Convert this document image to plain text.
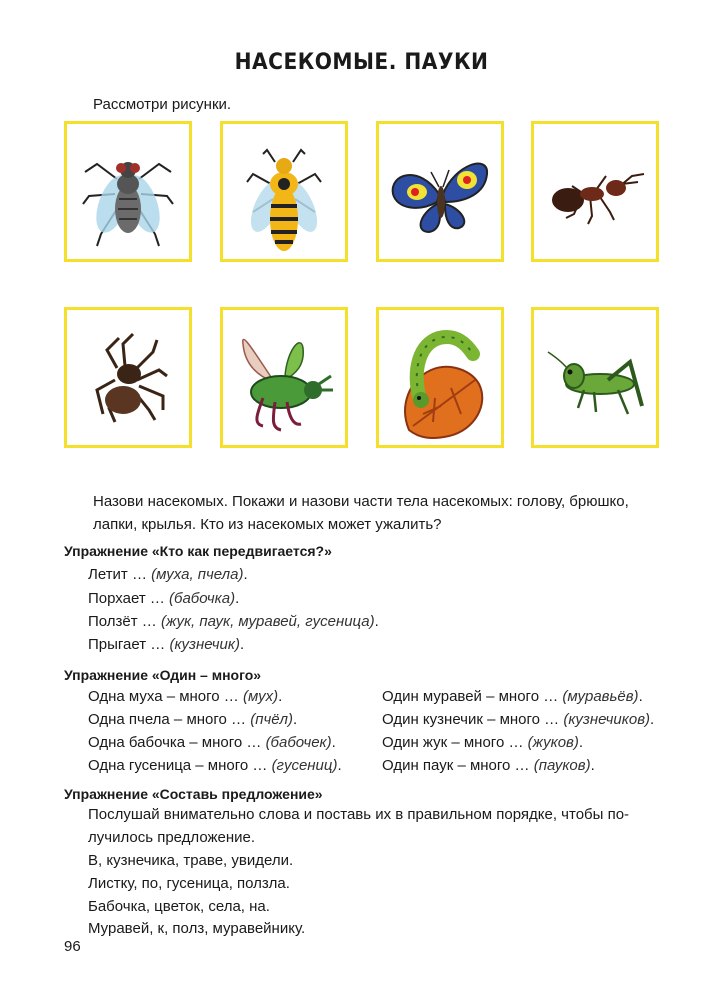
НАСЕКОМЫЕ. ПАУКИ
Рассмотри рисунки.
Назови насекомых. Покажи и назови части тела насекомых: голову, брюшко,
лапки, крылья. Кто из насекомых может ужалить?
Упражнение «Кто как передвигается?»
Летит … (муха, пчела).
Порхает … (бабочка).
Ползёт … (жук, паук, муравей, гусеница).
Прыгает … (кузнечик).
Упражнение «Один – много»
Одна муха – много … (мух).
Одна пчела – много … (пчёл).
Одна бабочка – много … (бабочек).
Одна гусеница – много … (гусениц).
Один муравей – много … (муравьёв).
Один кузнечик – много … (кузнечиков).
Один жук – много … (жуков).
Один паук – много … (пауков).
Упражнение «Составь предложение»
Послушай внимательно слова и поставь их в правильном порядке, чтобы по-
лучилось предложение.
В, кузнечика, траве, увидели.
Листку, по, гусеница, ползла.
Бабочка, цветок, села, на.
Муравей, к, полз, муравейнику.
96
